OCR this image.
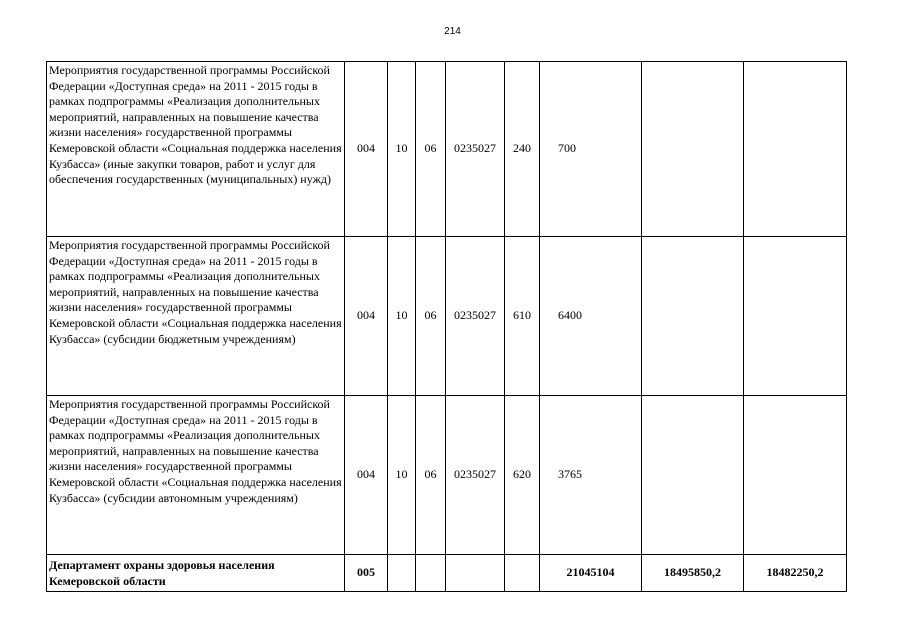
214
Мероприятия государственной программы Российской Федерации «Доступная среда» на 2011 - 2015 годы в рамках подпрограммы «Реализация дополнительных мероприятий, направленных на повышение качества жизни населения» государственной программы Кемеровской области «Социальная поддержка населения Кузбасса» (иные закупки товаров, работ и услуг для обеспечения государственных (муниципальных) нужд)	004	10	06	0235027	240	700		
Мероприятия государственной программы Российской Федерации «Доступная среда» на 2011 - 2015 годы в рамках подпрограммы «Реализация дополнительных мероприятий, направленных на повышение качества жизни населения» государственной программы Кемеровской области «Социальная поддержка населения Кузбасса» (субсидии бюджетным учреждениям)	004	10	06	0235027	610	6400		
Мероприятия государственной программы Российской Федерации «Доступная среда» на 2011 - 2015 годы в рамках подпрограммы «Реализация дополнительных мероприятий, направленных на повышение качества жизни населения» государственной программы Кемеровской области «Социальная поддержка населения Кузбасса» (субсидии автономным учреждениям)	004	10	06	0235027	620	3765		
Департамент охраны здоровья населения Кемеровской области	005					21045104	18495850,2	18482250,2
